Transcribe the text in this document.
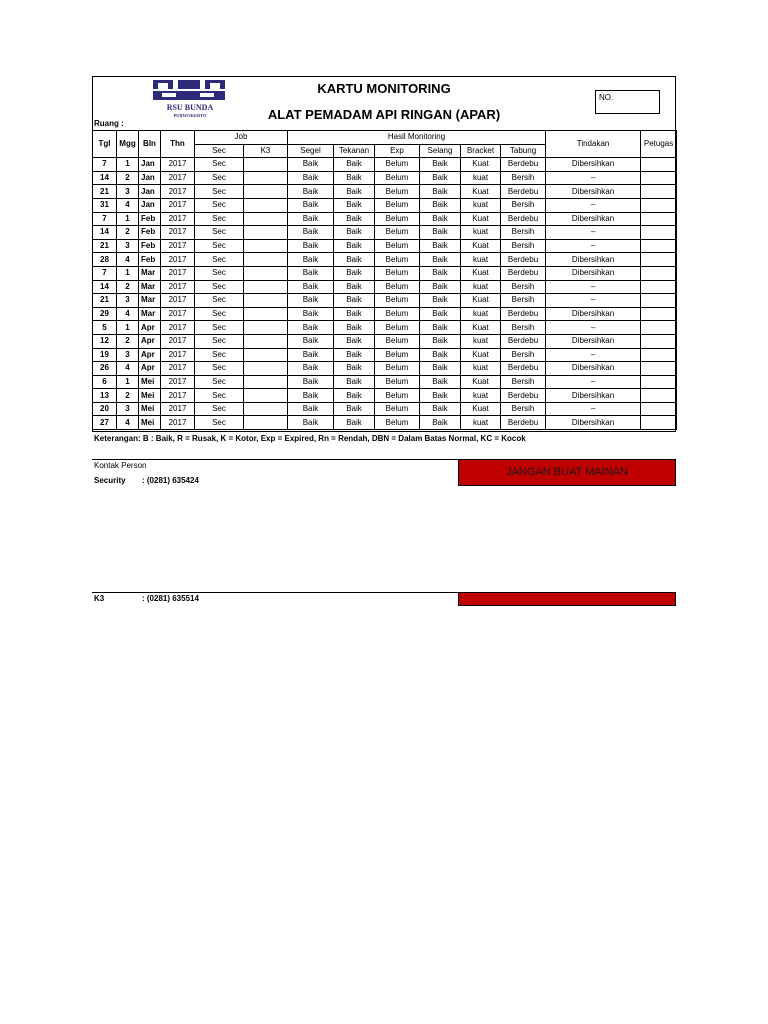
RSU BUNDA
PURWOKERTO
KARTU MONITORING
ALAT PEMADAM API RINGAN (APAR)
NO.
Ruang :
Tgl	Mgg	Bln	Thn	Job		Hasil Monitoring						Tindakan	Petugas
				Sec	K3	Segel	Tekanan	Exp	Selang	Bracket	Tabung		
7	1	Jan	2017	Sec		Baik	Baik	Belum	Baik	Kuat	Berdebu	Dibersihkan	
14	2	Jan	2017	Sec		Baik	Baik	Belum	Baik	kuat	Bersih	–	
21	3	Jan	2017	Sec		Baik	Baik	Belum	Baik	Kuat	Berdebu	Dibersihkan	
31	4	Jan	2017	Sec		Baik	Baik	Belum	Baik	kuat	Bersih	–	
7	1	Feb	2017	Sec		Baik	Baik	Belum	Baik	Kuat	Berdebu	Dibersihkan	
14	2	Feb	2017	Sec		Baik	Baik	Belum	Baik	kuat	Bersih	–	
21	3	Feb	2017	Sec		Baik	Baik	Belum	Baik	Kuat	Bersih	–	
28	4	Feb	2017	Sec		Baik	Baik	Belum	Baik	kuat	Berdebu	Dibersihkan	
7	1	Mar	2017	Sec		Baik	Baik	Belum	Baik	Kuat	Berdebu	Dibersihkan	
14	2	Mar	2017	Sec		Baik	Baik	Belum	Baik	kuat	Bersih	–	
21	3	Mar	2017	Sec		Baik	Baik	Belum	Baik	Kuat	Bersih	–	
29	4	Mar	2017	Sec		Baik	Baik	Belum	Baik	kuat	Berdebu	Dibersihkan	
5	1	Apr	2017	Sec		Baik	Baik	Belum	Baik	Kuat	Bersih	–	
12	2	Apr	2017	Sec		Baik	Baik	Belum	Baik	kuat	Berdebu	Dibersihkan	
19	3	Apr	2017	Sec		Baik	Baik	Belum	Baik	Kuat	Bersih	–	
26	4	Apr	2017	Sec		Baik	Baik	Belum	Baik	kuat	Berdebu	Dibersihkan	
6	1	Mei	2017	Sec		Baik	Baik	Belum	Baik	Kuat	Bersih	–	
13	2	Mei	2017	Sec		Baik	Baik	Belum	Baik	kuat	Berdebu	Dibersihkan	
20	3	Mei	2017	Sec		Baik	Baik	Belum	Baik	Kuat	Bersih	–	
27	4	Mei	2017	Sec		Baik	Baik	Belum	Baik	kuat	Berdebu	Dibersihkan	
Keterangan: B : Baik, R = Rusak, K = Kotor, Exp = Expired, Rn = Rendah, DBN = Dalam Batas Normal, KC = Kocok
Kontak Person
Security : (0281) 635424
JANGAN BUAT MAINAN
K3	: (0281) 635514
